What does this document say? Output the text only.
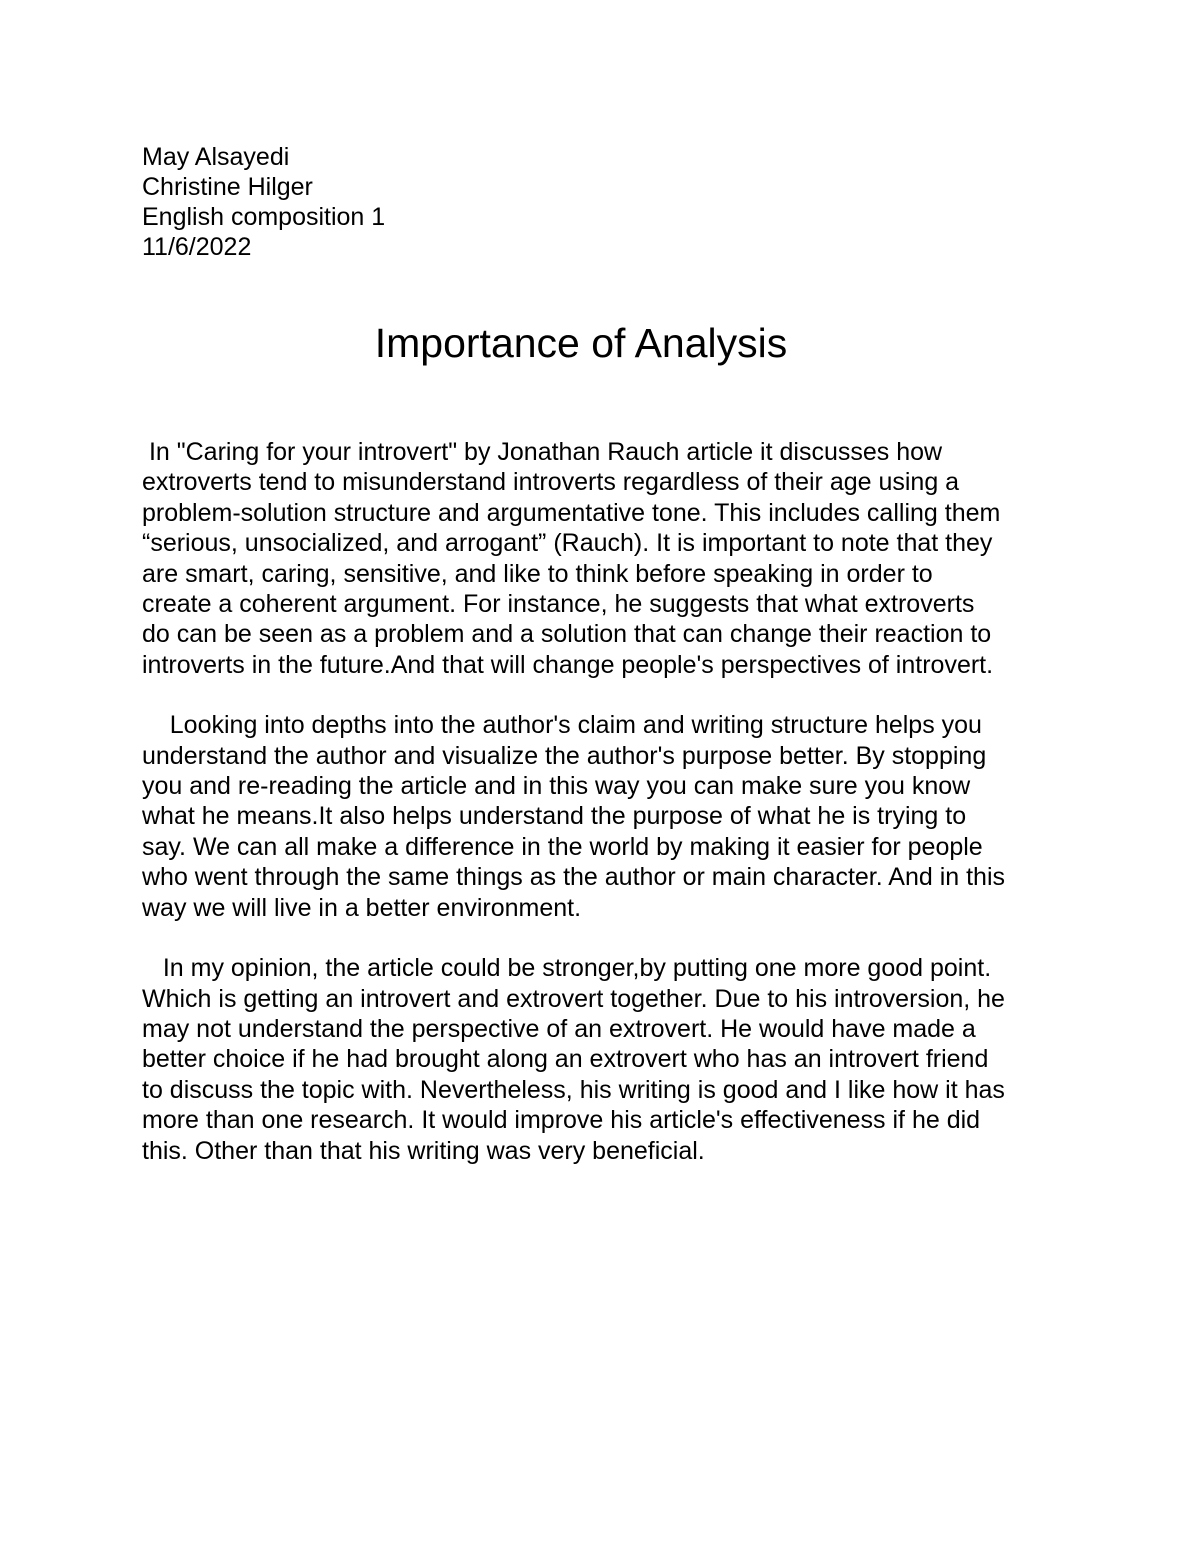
May Alsayedi
Christine Hilger
English composition 1
11/6/2022
Importance of Analysis
In "Caring for your introvert" by Jonathan Rauch article it discusses how
extroverts tend to misunderstand introverts regardless of their age using a
problem-solution structure and argumentative tone. This includes calling them
“serious, unsocialized, and arrogant” (Rauch). It is important to note that they
are smart, caring, sensitive, and like to think before speaking in order to
create a coherent argument. For instance, he suggests that what extroverts
do can be seen as a problem and a solution that can change their reaction to
introverts in the future.And that will change people's perspectives of introvert.
Looking into depths into the author's claim and writing structure helps you
understand the author and visualize the author's purpose better. By stopping
you and re-reading the article and in this way you can make sure you know
what he means.It also helps understand the purpose of what he is trying to
say. We can all make a difference in the world by making it easier for people
who went through the same things as the author or main character. And in this
way we will live in a better environment.
In my opinion, the article could be stronger,by putting one more good point.
Which is getting an introvert and extrovert together. Due to his introversion, he
may not understand the perspective of an extrovert. He would have made a
better choice if he had brought along an extrovert who has an introvert friend
to discuss the topic with. Nevertheless, his writing is good and I like how it has
more than one research. It would improve his article's effectiveness if he did
this. Other than that his writing was very beneficial.
